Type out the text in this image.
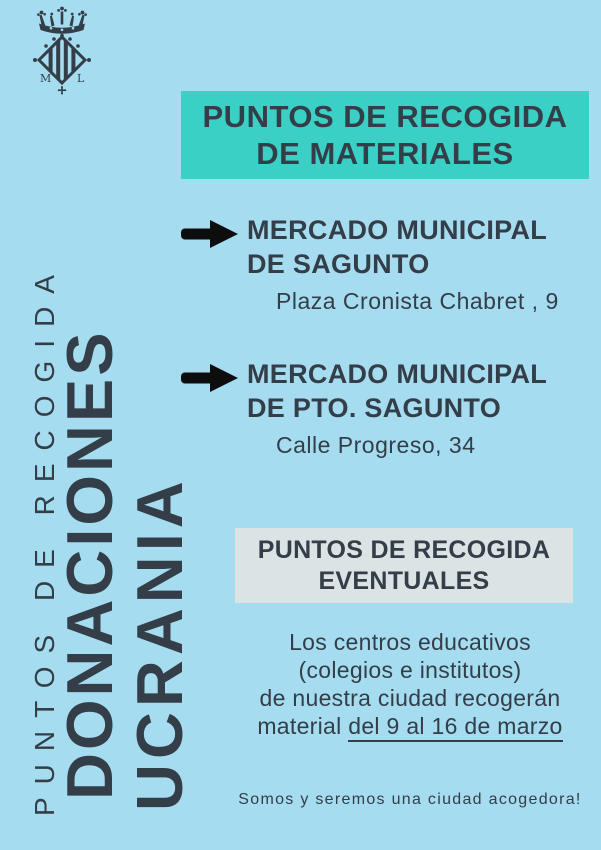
M L
PUNTOS DE RECOGIDA
DONACIONES
UCRANIA
PUNTOS DE RECOGIDA
DE MATERIALES
MERCADO MUNICIPAL
DE SAGUNTO
Plaza Cronista Chabret , 9
MERCADO MUNICIPAL
DE PTO. SAGUNTO
Calle Progreso, 34
PUNTOS DE RECOGIDA
EVENTUALES
Los centros educativos
(colegios e institutos)
de nuestra ciudad recogerán
material del 9 al 16 de marzo
Somos y seremos una ciudad acogedora!
